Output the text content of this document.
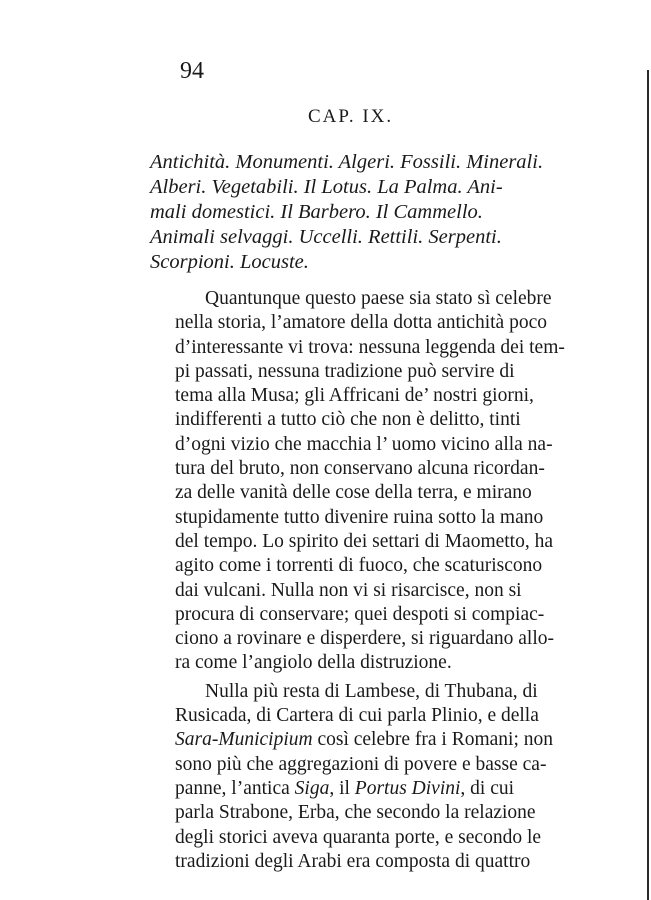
94
CAP. IX.

Antichità. Monumenti. Algeri. Fossili. Minerali.
Alberi. Vegetabili. Il Lotus. La Palma. Ani-
mali domestici. Il Barbero. Il Cammello.
Animali selvaggi. Uccelli. Rettili. Serpenti.
Scorpioni. Locuste.

Quantunque questo paese sia stato sì celebre
nella storia, l’amatore della dotta antichità poco
d’interessante vi trova: nessuna leggenda dei tem-
pi passati, nessuna tradizione può servire di
tema alla Musa; gli Affricani de’ nostri giorni,
indifferenti a tutto ciò che non è delitto, tinti
d’ogni vizio che macchia l’ uomo vicino alla na-
tura del bruto, non conservano alcuna ricordan-
za delle vanità delle cose della terra, e mirano
stupidamente tutto divenire ruina sotto la mano
del tempo. Lo spirito dei settari di Maometto, ha
agito come i torrenti di fuoco, che scaturiscono
dai vulcani. Nulla non vi si risarcisce, non si
procura di conservare; quei despoti si compiac-
ciono a rovinare e disperdere, si riguardano allo-
ra come l’angiolo della distruzione.
Nulla più resta di Lambese, di Thubana, di
Rusicada, di Cartera di cui parla Plinio, e della
Sara-Municipium così celebre fra i Romani; non
sono più che aggregazioni di povere e basse ca-
panne, l’antica Siga, il Portus Divini, di cui
parla Strabone, Erba, che secondo la relazione
degli storici aveva quaranta porte, e secondo le
tradizioni degli Arabi era composta di quattro
